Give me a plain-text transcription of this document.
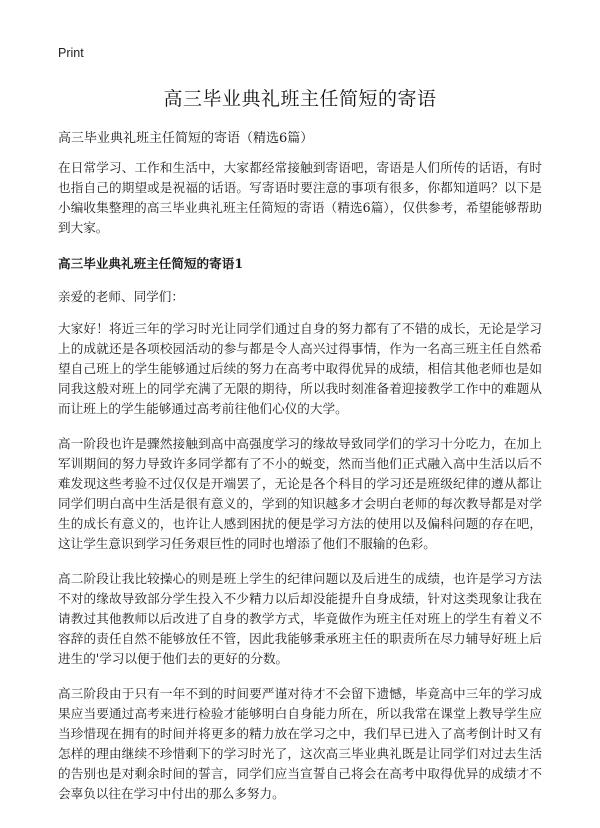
Print
高三毕业典礼班主任简短的寄语
高三毕业典礼班主任简短的寄语（精选6篇）

在日常学习、工作和生活中，大家都经常接触到寄语吧，寄语是人们所传的话语，有时也指自己的期望或是祝福的话语。写寄语时要注意的事项有很多，你都知道吗？以下是小编收集整理的高三毕业典礼班主任简短的寄语（精选6篇），仅供参考，希望能够帮助到大家。

高三毕业典礼班主任简短的寄语1
亲爱的老师、同学们：

大家好！将近三年的学习时光让同学们通过自身的努力都有了不错的成长，无论是学习上的成就还是各项校园活动的参与都是令人高兴过得事情，作为一名高三班主任自然希望自己班上的学生能够通过后续的努力在高考中取得优异的成绩，相信其他老师也是如同我这般对班上的同学充满了无限的期待，所以我时刻准备着迎接教学工作中的难题从而让班上的学生能够通过高考前往他们心仪的大学。

高一阶段也许是骤然接触到高中高强度学习的缘故导致同学们的学习十分吃力，在加上军训期间的努力导致许多同学都有了不小的蜕变，然而当他们正式融入高中生活以后不难发现这些考验不过仅仅是开端罢了，无论是各个科目的学习还是班级纪律的遵从都让同学们明白高中生活是很有意义的，学到的知识越多才会明白老师的每次教导都是对学生的成长有意义的，也许让人感到困扰的便是学习方法的使用以及偏科问题的存在吧，这让学生意识到学习任务艰巨性的同时也增添了他们不服输的色彩。

高二阶段让我比较操心的则是班上学生的纪律问题以及后进生的成绩，也许是学习方法不对的缘故导致部分学生投入不少精力以后却没能提升自身成绩，针对这类现象让我在请教过其他教师以后改进了自身的教学方式，毕竟做作为班主任对班上的学生有着义不容辞的责任自然不能够放任不管，因此我能够秉承班主任的职责所在尽力辅导好班上后进生的'学习以便于他们去的更好的分数。

高三阶段由于只有一年不到的时间要严谨对待才不会留下遗憾，毕竟高中三年的学习成果应当要通过高考来进行检验才能够明白自身能力所在，所以我常在课堂上教导学生应当珍惜现在拥有的时间并将更多的精力放在学习之中，我们早已进入了高考倒计时又有怎样的理由继续不珍惜剩下的学习时光了，这次高三毕业典礼既是让同学们对过去生活的告别也是对剩余时间的誓言，同学们应当宣誓自己将会在高考中取得优异的成绩才不会辜负以往在学习中付出的那么多努力。
